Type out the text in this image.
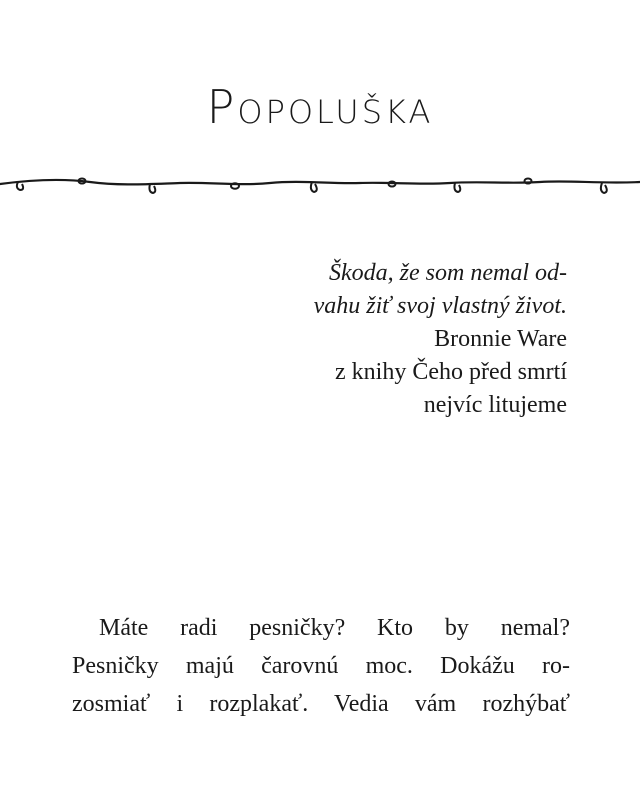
Popoluška
Škoda, že som nemal od-
vahu žiť svoj vlastný život.
Bronnie Ware
z knihy Čeho před smrtí
nejvíc litujeme
Máte radi pesničky? Kto by nemal?
Pesničky majú čarovnú moc. Dokážu ro-
zosmiať i rozplakať. Vedia vám rozhýbať
